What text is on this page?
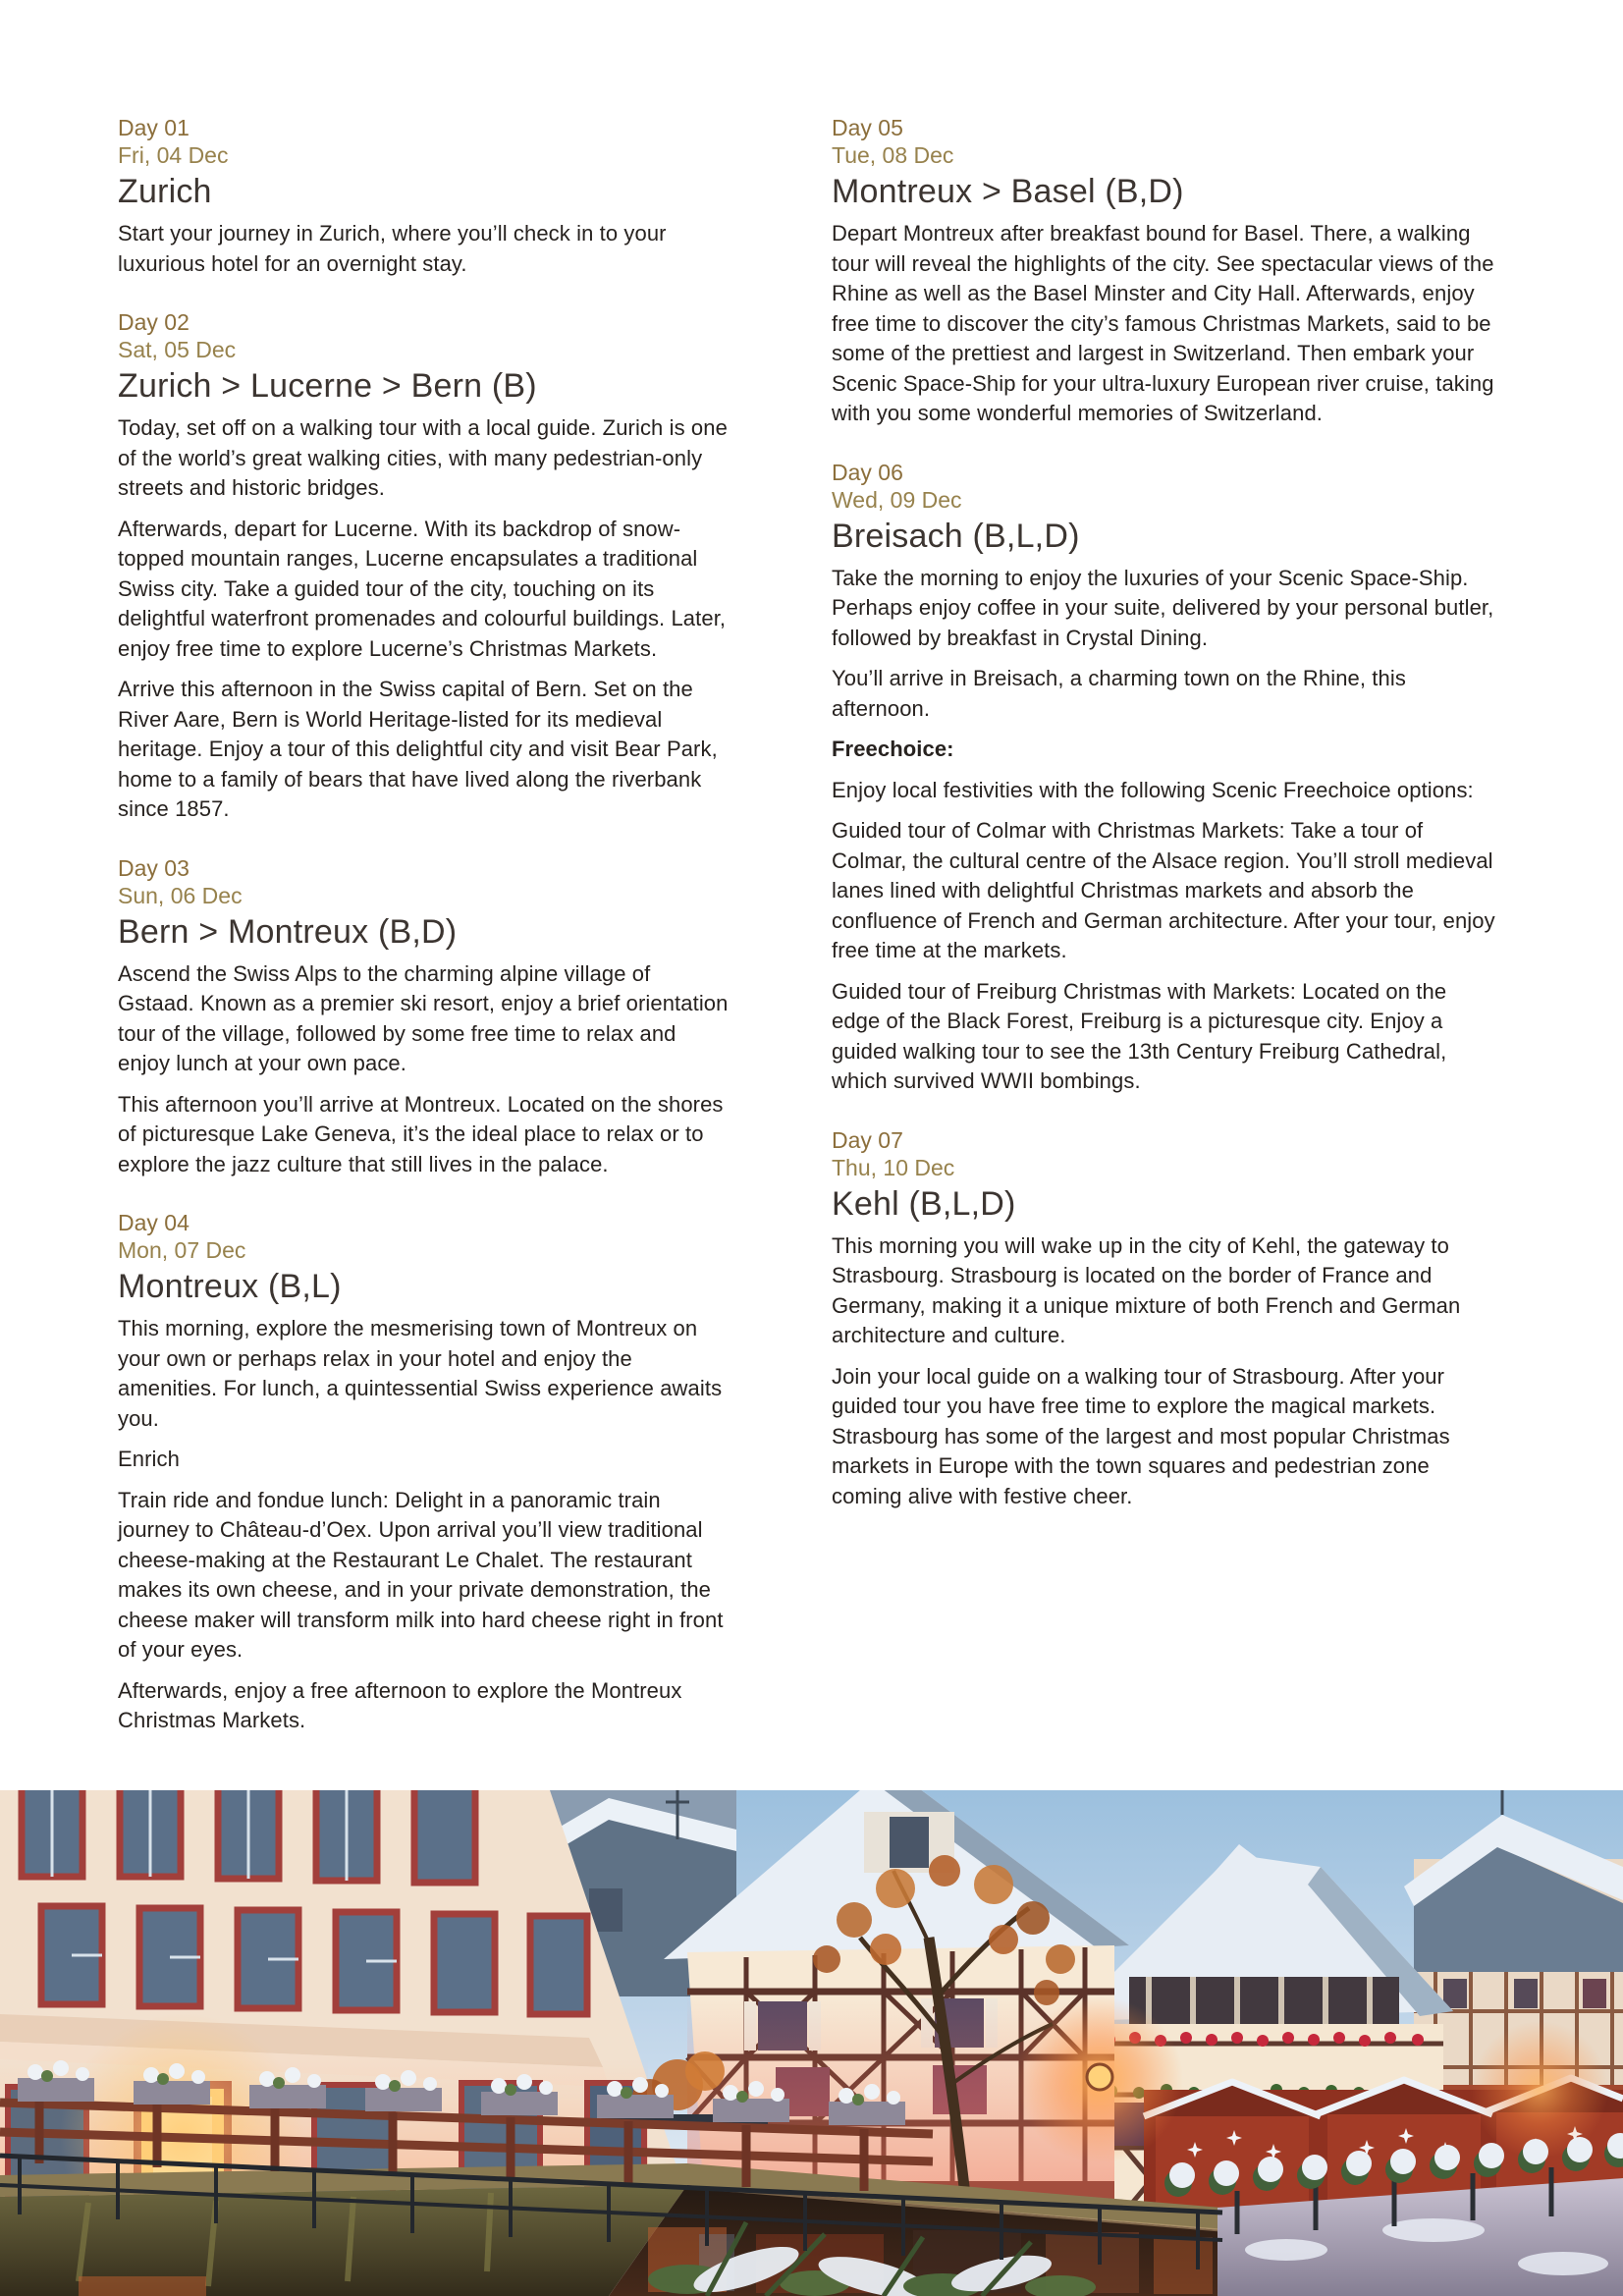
Day 01
Fri, 04 Dec
Zurich

Start your journey in Zurich, where you’ll check in to your luxurious hotel for an overnight stay.

Day 02
Sat, 05 Dec
Zurich > Lucerne > Bern (B)

Today, set off on a walking tour with a local guide. Zurich is one of the world’s great walking cities, with many pedestrian-only streets and historic bridges.

Afterwards, depart for Lucerne. With its backdrop of snow-topped mountain ranges, Lucerne encapsulates a traditional Swiss city. Take a guided tour of the city, touching on its delightful waterfront promenades and colourful buildings. Later, enjoy free time to explore Lucerne’s Christmas Markets.

Arrive this afternoon in the Swiss capital of Bern. Set on the River Aare, Bern is World Heritage-listed for its medieval heritage. Enjoy a tour of this delightful city and visit Bear Park, home to a family of bears that have lived along the riverbank since 1857.

Day 03
Sun, 06 Dec
Bern > Montreux (B,D)

Ascend the Swiss Alps to the charming alpine village of Gstaad. Known as a premier ski resort, enjoy a brief orientation tour of the village, followed by some free time to relax and enjoy lunch at your own pace.

This afternoon you’ll arrive at Montreux. Located on the shores of picturesque Lake Geneva, it’s the ideal place to relax or to explore the jazz culture that still lives in the palace.

Day 04
Mon, 07 Dec
Montreux (B,L)

This morning, explore the mesmerising town of Montreux on your own or perhaps relax in your hotel and enjoy the amenities. For lunch, a quintessential Swiss experience awaits you.

Enrich

Train ride and fondue lunch: Delight in a panoramic train journey to Château-d’Oex. Upon arrival you’ll view traditional cheese-making at the Restaurant Le Chalet. The restaurant makes its own cheese, and in your private demonstration, the cheese maker will transform milk into hard cheese right in front of your eyes.

Afterwards, enjoy a free afternoon to explore the Montreux Christmas Markets.

Day 05
Tue, 08 Dec
Montreux > Basel (B,D)

Depart Montreux after breakfast bound for Basel. There, a walking tour will reveal the highlights of the city. See spectacular views of the Rhine as well as the Basel Minster and City Hall. Afterwards, enjoy free time to discover the city’s famous Christmas Markets, said to be some of the prettiest and largest in Switzerland. Then embark your Scenic Space-Ship for your ultra-luxury European river cruise, taking with you some wonderful memories of Switzerland.

Day 06
Wed, 09 Dec
Breisach (B,L,D)

Take the morning to enjoy the luxuries of your Scenic Space-Ship. Perhaps enjoy coffee in your suite, delivered by your personal butler, followed by breakfast in Crystal Dining.

You’ll arrive in Breisach, a charming town on the Rhine, this afternoon.

Freechoice:

Enjoy local festivities with the following Scenic Freechoice options:

Guided tour of Colmar with Christmas Markets: Take a tour of Colmar, the cultural centre of the Alsace region. You’ll stroll medieval lanes lined with delightful Christmas markets and absorb the confluence of French and German architecture. After your tour, enjoy free time at the markets.

Guided tour of Freiburg Christmas with Markets: Located on the edge of the Black Forest, Freiburg is a picturesque city. Enjoy a guided walking tour to see the 13th Century Freiburg Cathedral, which survived WWII bombings.

Day 07
Thu, 10 Dec
Kehl (B,L,D)

This morning you will wake up in the city of Kehl, the gateway to Strasbourg. Strasbourg is located on the border of France and Germany, making it a unique mixture of both French and German architecture and culture.

Join your local guide on a walking tour of Strasbourg. After your guided tour you have free time to explore the magical markets. Strasbourg has some of the largest and most popular Christmas markets in Europe with the town squares and pedestrian zone coming alive with festive cheer.
